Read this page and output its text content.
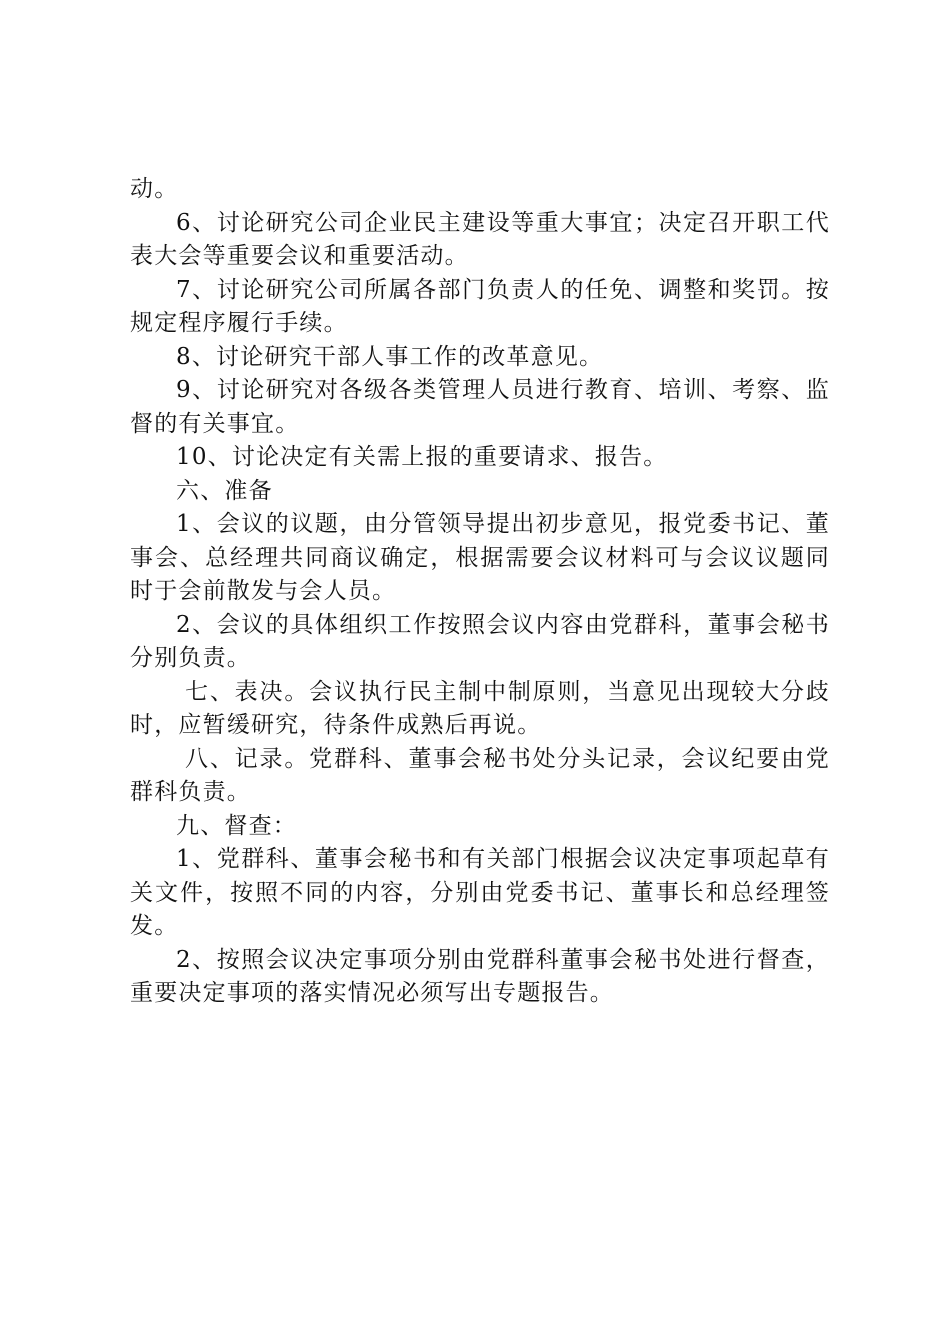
动。

6、讨论研究公司企业民主建设等重大事宜；决定召开职工代表大会等重要会议和重要活动。

7、讨论研究公司所属各部门负责人的任免、调整和奖罚。按规定程序履行手续。

8、讨论研究干部人事工作的改革意见。

9、讨论研究对各级各类管理人员进行教育、培训、考察、监督的有关事宜。

10、讨论决定有关需上报的重要请求、报告。

六、准备

1、会议的议题，由分管领导提出初步意见，报党委书记、董事会、总经理共同商议确定，根据需要会议材料可与会议议题同时于会前散发与会人员。

2、会议的具体组织工作按照会议内容由党群科，董事会秘书分别负责。

七、表决。会议执行民主制中制原则，当意见出现较大分歧时，应暂缓研究，待条件成熟后再说。

八、记录。党群科、董事会秘书处分头记录，会议纪要由党群科负责。

九、督查：

1、党群科、董事会秘书和有关部门根据会议决定事项起草有关文件，按照不同的内容，分别由党委书记、董事长和总经理签发。

2、按照会议决定事项分别由党群科董事会秘书处进行督查，重要决定事项的落实情况必须写出专题报告。
